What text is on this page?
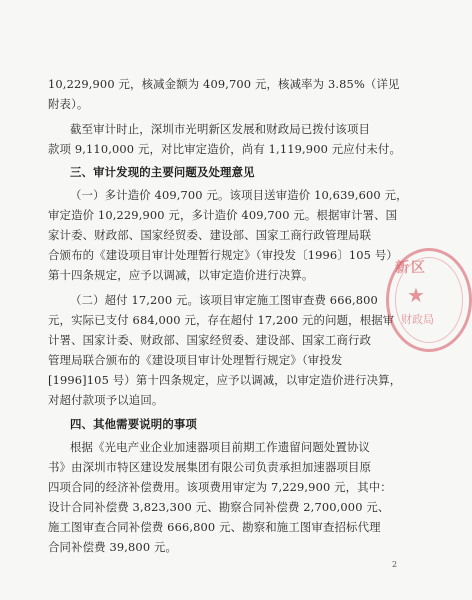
10,229,900 元，核减金额为 409,700 元，核减率为 3.85%（详见
附表）。
截至审计时止，深圳市光明新区发展和财政局已拨付该项目
款项 9,110,000 元，对比审定造价，尚有 1,119,900 元应付未付。
三、审计发现的主要问题及处理意见
（一）多计造价 409,700 元。该项目送审造价 10,639,600 元，
审定造价 10,229,900 元，多计造价 409,700 元。根据审计署、国
家计委、财政部、国家经贸委、建设部、国家工商行政管理局联
合颁布的《建设项目审计处理暂行规定》（审投发〔1996〕105 号）
第十四条规定，应予以调减，以审定造价进行决算。
（二）超付 17,200 元。该项目审定施工图审查费 666,800
元，实际已支付 684,000 元，存在超付 17,200 元的问题，根据审
计署、国家计委、财政部、国家经贸委、建设部、国家工商行政
管理局联合颁布的《建设项目审计处理暂行规定》（审投发
[1996]105 号）第十四条规定，应予以调减，以审定造价进行决算，
对超付款项予以追回。
四、其他需要说明的事项
根据《光电产业企业加速器项目前期工作遗留问题处置协议
书》由深圳市特区建设发展集团有限公司负责承担加速器项目原
四项合同的经济补偿费用。该项费用审定为 7,229,900 元，其中：
设计合同补偿费 3,823,300 元、勘察合同补偿费 2,700,000 元、
施工图审查合同补偿费 666,800 元、勘察和施工图审查招标代理
合同补偿费 39,800 元。
2
新区
★
财政局
